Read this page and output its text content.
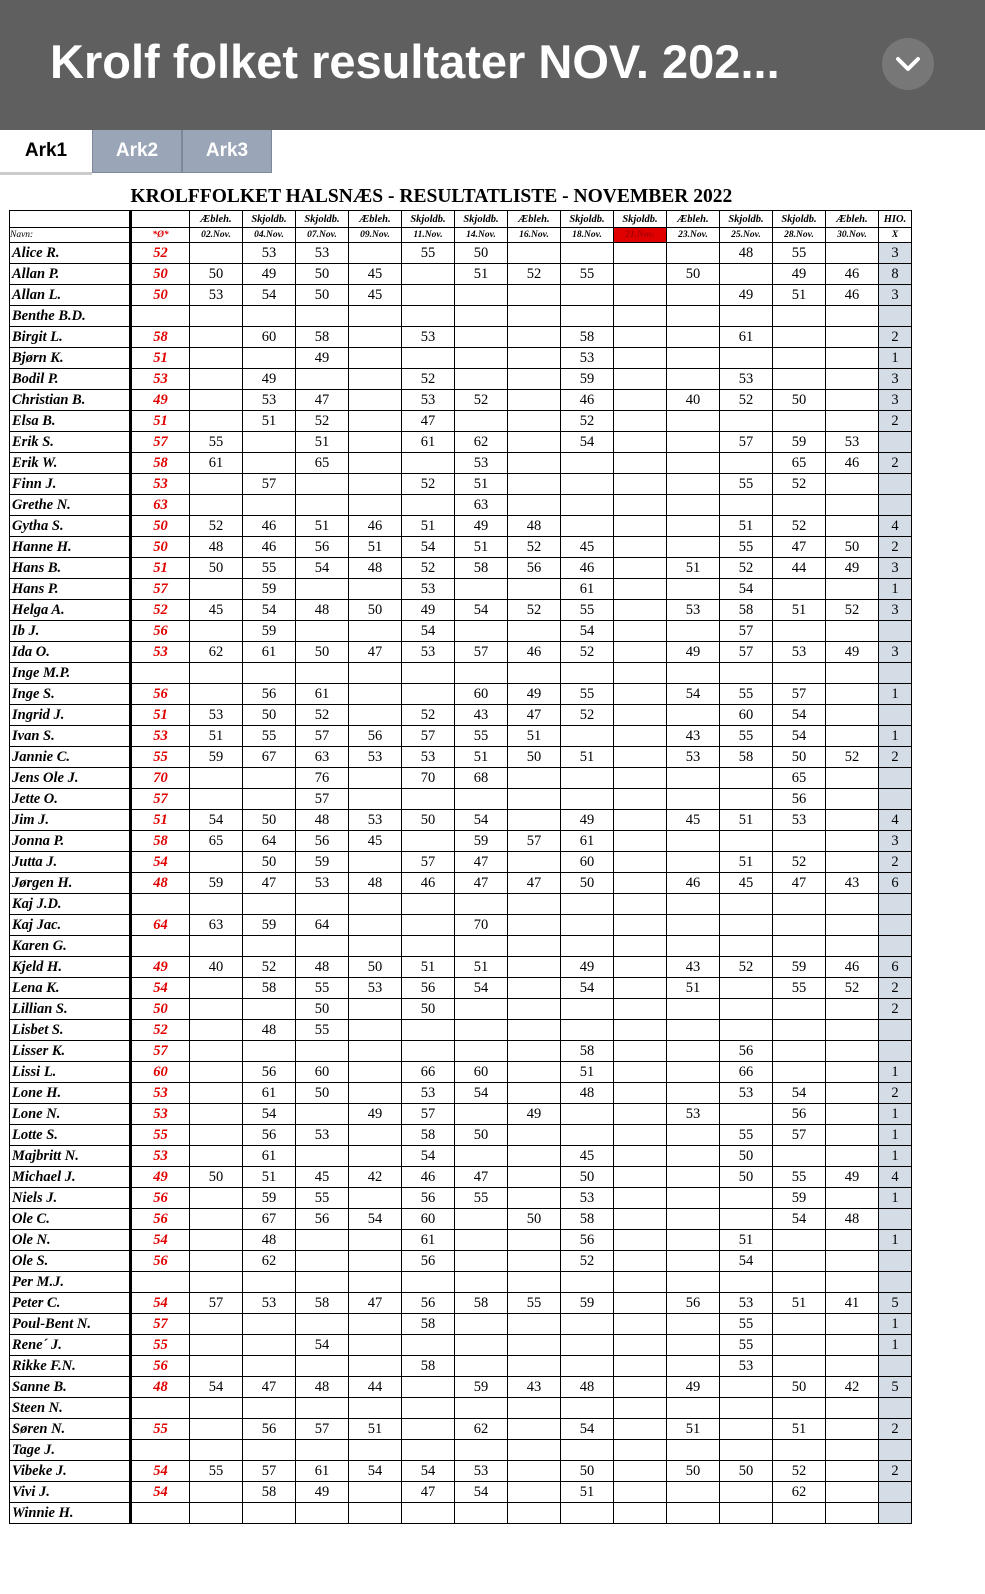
Krolf folket resultater NOV. 202...
Ark1	Ark2	Ark3
	KROLFFOLKET HALSNÆS - RESULTATLISTE - NOVEMBER 2022														
		Æbleh.	Skjoldb.	Skjoldb.	Æbleh.	Skjoldb.	Skjoldb.	Æbleh.	Skjoldb.	Skjoldb.	Æbleh.	Skjoldb.	Skjoldb.	Æbleh.	HIO.
Navn:	*Ø*	02.Nov.	04.Nov.	07.Nov.	09.Nov.	11.Nov.	14.Nov.	16.Nov.	18.Nov.	21.Nov.	23.Nov.	25.Nov.	28.Nov.	30.Nov.	X
Alice R.	52		53	53		55	50					48	55		3
Allan P.	50	50	49	50	45		51	52	55		50		49	46	8
Allan L.	50	53	54	50	45							49	51	46	3
Benthe B.D.															
Birgit L.	58		60	58		53			58			61			2
Bjørn K.	51			49					53						1
Bodil P.	53		49			52			59			53			3
Christian B.	49		53	47		53	52		46		40	52	50		3
Elsa B.	51		51	52		47			52						2
Erik S.	57	55		51		61	62		54			57	59	53	
Erik W.	58	61		65			53						65	46	2
Finn J.	53		57			52	51					55	52		
Grethe N.	63						63								
Gytha S.	50	52	46	51	46	51	49	48				51	52		4
Hanne H.	50	48	46	56	51	54	51	52	45			55	47	50	2
Hans B.	51	50	55	54	48	52	58	56	46		51	52	44	49	3
Hans P.	57		59			53			61			54			1
Helga A.	52	45	54	48	50	49	54	52	55		53	58	51	52	3
Ib J.	56		59			54			54			57			
Ida O.	53	62	61	50	47	53	57	46	52		49	57	53	49	3
Inge M.P.															
Inge S.	56		56	61			60	49	55		54	55	57		1
Ingrid J.	51	53	50	52		52	43	47	52			60	54		
Ivan S.	53	51	55	57	56	57	55	51			43	55	54		1
Jannie C.	55	59	67	63	53	53	51	50	51		53	58	50	52	2
Jens Ole J.	70			76		70	68						65		
Jette O.	57			57									56		
Jim J.	51	54	50	48	53	50	54		49		45	51	53		4
Jonna P.	58	65	64	56	45		59	57	61						3
Jutta J.	54		50	59		57	47		60			51	52		2
Jørgen H.	48	59	47	53	48	46	47	47	50		46	45	47	43	6
Kaj J.D.															
Kaj Jac.	64	63	59	64			70								
Karen G.															
Kjeld H.	49	40	52	48	50	51	51		49		43	52	59	46	6
Lena K.	54		58	55	53	56	54		54		51		55	52	2
Lillian S.	50			50		50									2
Lisbet S.	52		48	55											
Lisser K.	57								58			56			
Lissi L.	60		56	60		66	60		51			66			1
Lone H.	53		61	50		53	54		48			53	54		2
Lone N.	53		54		49	57		49			53		56		1
Lotte S.	55		56	53		58	50					55	57		1
Majbritt N.	53		61			54			45			50			1
Michael J.	49	50	51	45	42	46	47		50			50	55	49	4
Niels J.	56		59	55		56	55		53				59		1
Ole C.	56		67	56	54	60		50	58				54	48	
Ole N.	54		48			61			56			51			1
Ole S.	56		62			56			52			54			
Per M.J.															
Peter C.	54	57	53	58	47	56	58	55	59		56	53	51	41	5
Poul-Bent N.	57					58						55			1
Rene´ J.	55			54								55			1
Rikke F.N.	56					58						53			
Sanne B.	48	54	47	48	44		59	43	48		49		50	42	5
Steen N.															
Søren N.	55		56	57	51		62		54		51		51		2
Tage J.															
Vibeke J.	54	55	57	61	54	54	53		50		50	50	52		2
Vivi J.	54		58	49		47	54		51				62		
Winnie H.															
